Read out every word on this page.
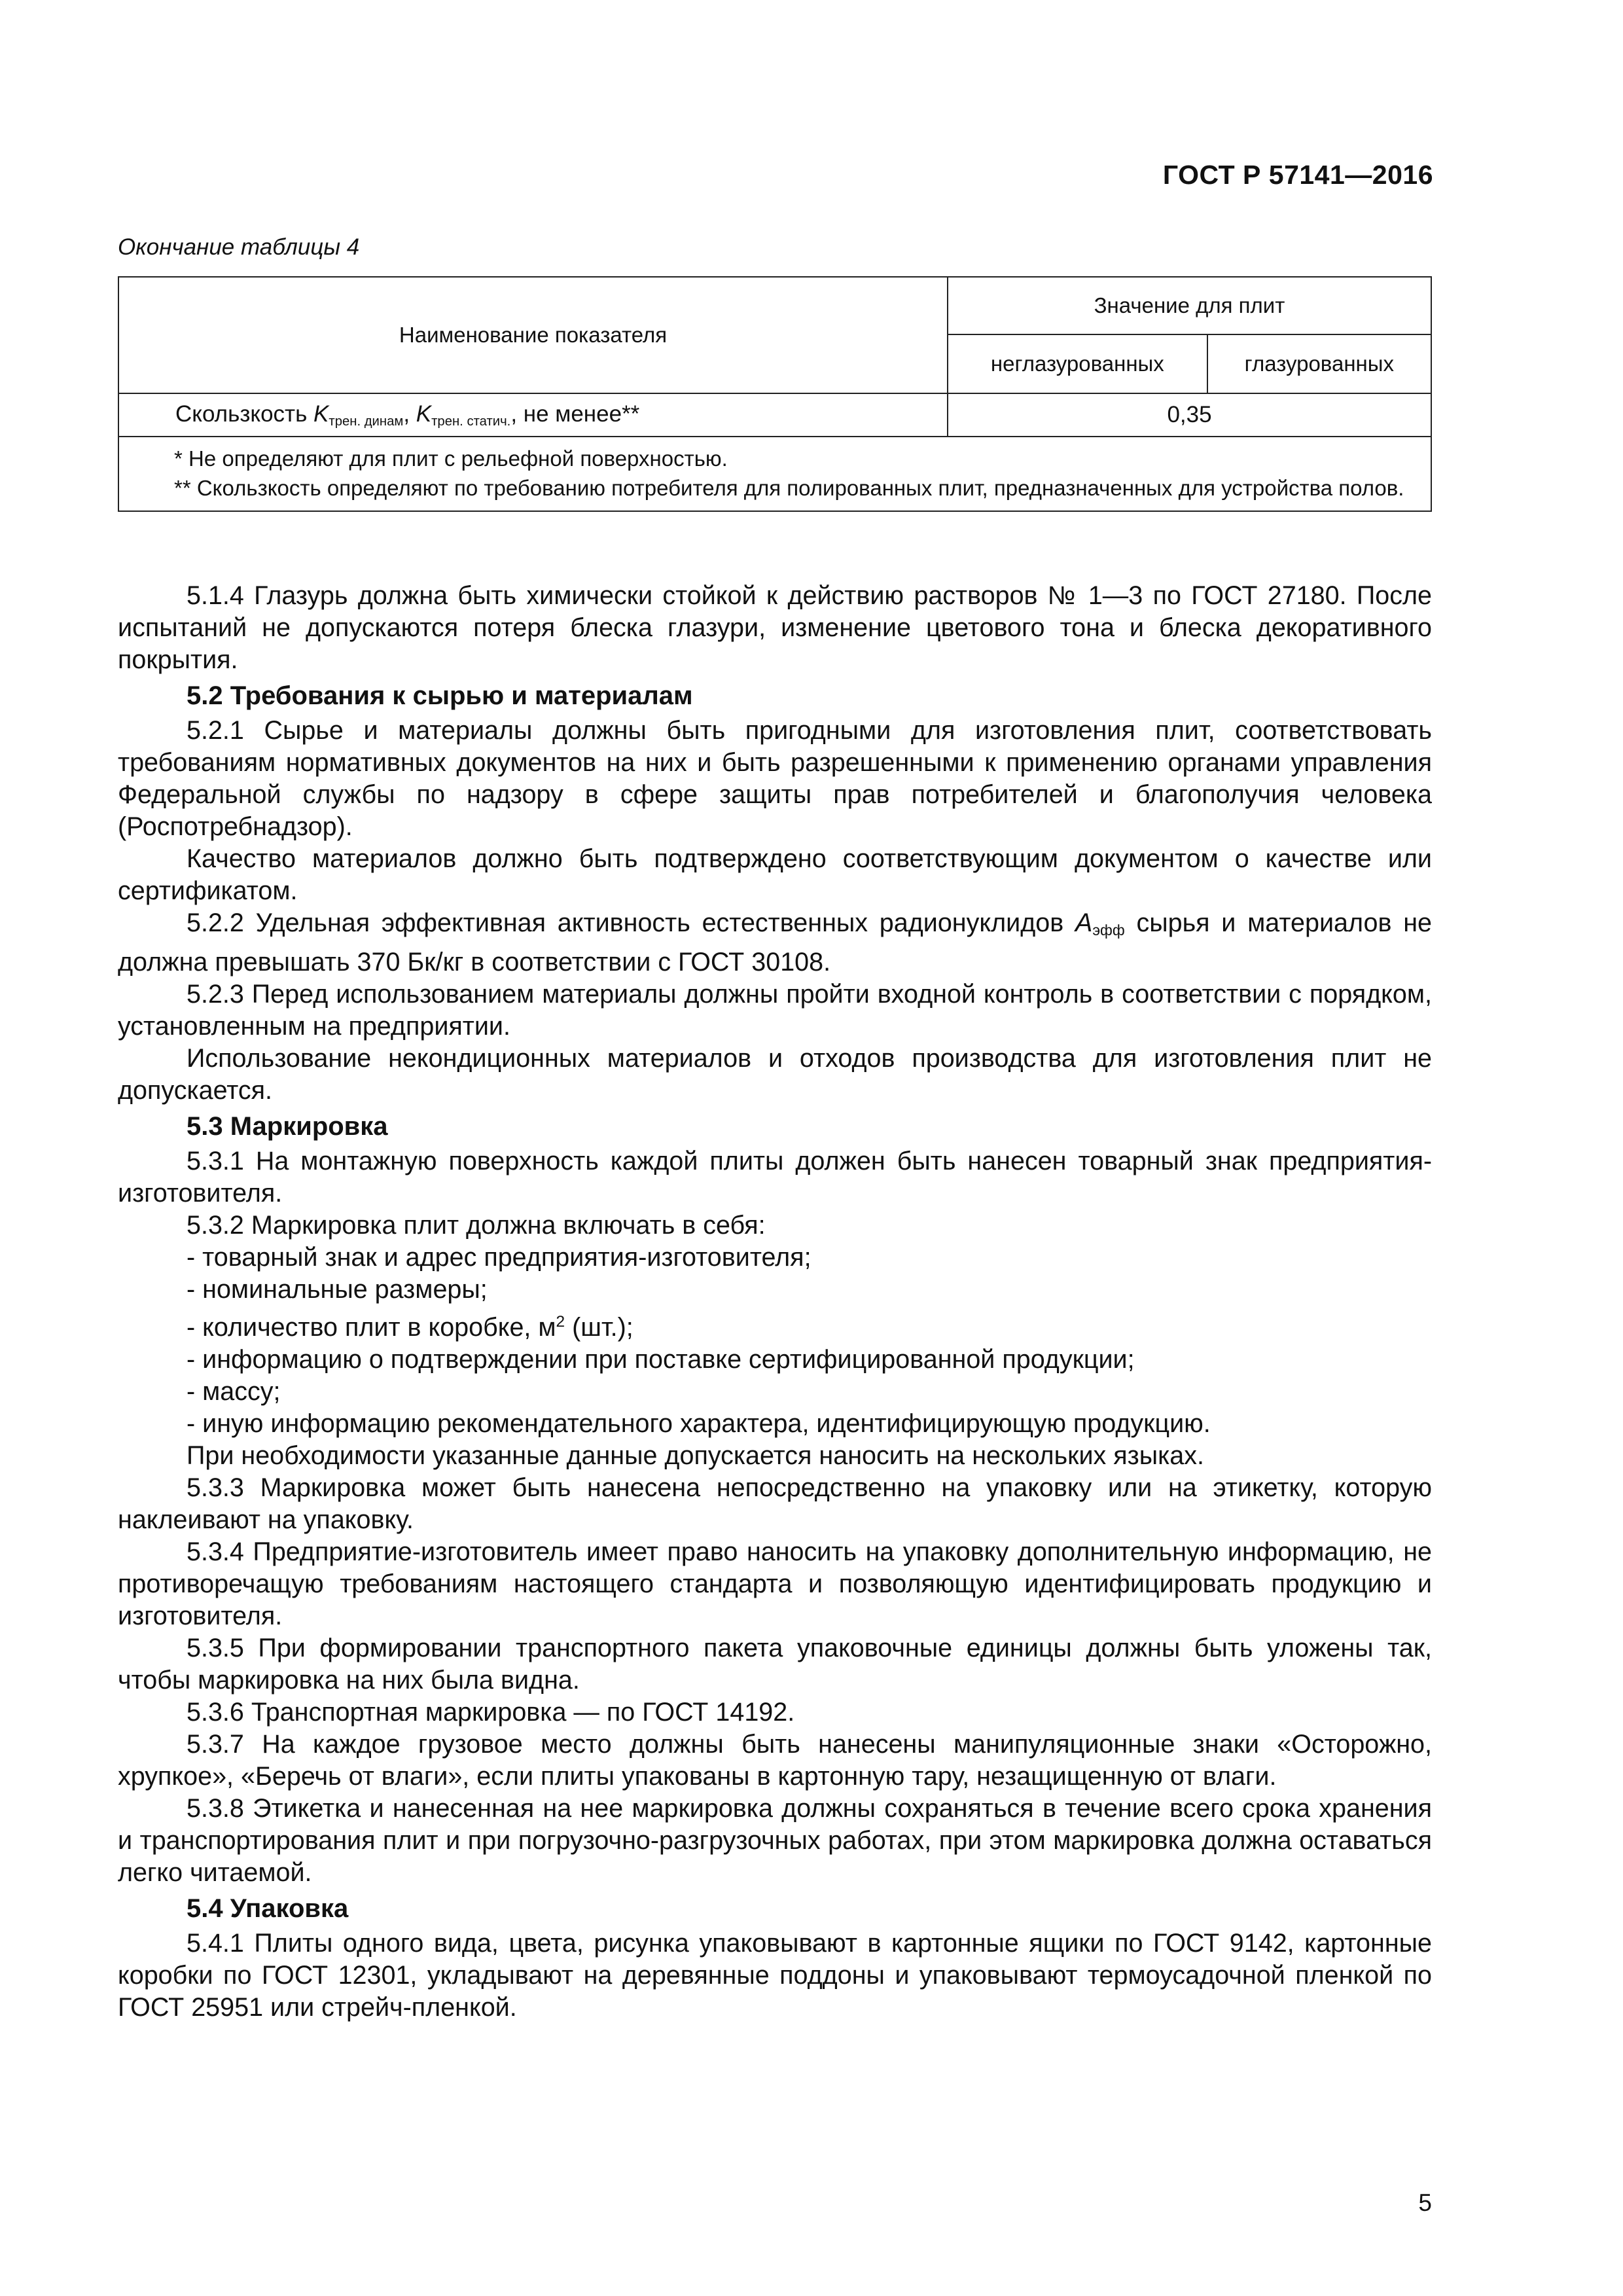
ГОСТ Р 57141—2016
Окончание таблицы 4
Наименование показателя	Значение для плит	
	неглазурованных	глазурованных
Скользкость $K_{трен. динам}$, $K_{трен. статич.}$, не менее**	0,35	

* Не определяют для плит с рельефной поверхностью.
** Скользкость определяют по требованию потребителя для полированных плит, предназначенных для устройства полов.		

5.1.4 Глазурь должна быть химически стойкой к действию растворов № 1—3 по ГОСТ 27180. После испытаний не допускаются потеря блеска глазури, изменение цветового тона и блеска декоративного покрытия.

5.2 Требования к сырью и материалам

5.2.1 Сырье и материалы должны быть пригодными для изготовления плит, соответствовать требованиям нормативных документов на них и быть разрешенными к применению органами управления Федеральной службы по надзору в сфере защиты прав потребителей и благополучия человека (Роспотребнадзор).

Качество материалов должно быть подтверждено соответствующим документом о качестве или сертификатом.

5.2.2 Удельная эффективная активность естественных радионуклидов $A_{эфф}$ сырья и материалов не должна превышать 370 Бк/кг в соответствии с ГОСТ 30108.

5.2.3 Перед использованием материалы должны пройти входной контроль в соответствии с порядком, установленным на предприятии.

Использование некондиционных материалов и отходов производства для изготовления плит не допускается.

5.3 Маркировка

5.3.1 На монтажную поверхность каждой плиты должен быть нанесен товарный знак предприятия-изготовителя.

5.3.2 Маркировка плит должна включать в себя:

- товарный знак и адрес предприятия-изготовителя;

- номинальные размеры;

- количество плит в коробке, $м^2$ (шт.);

- информацию о подтверждении при поставке сертифицированной продукции;

- массу;

- иную информацию рекомендательного характера, идентифицирующую продукцию.

При необходимости указанные данные допускается наносить на нескольких языках.

5.3.3 Маркировка может быть нанесена непосредственно на упаковку или на этикетку, которую наклеивают на упаковку.

5.3.4 Предприятие-изготовитель имеет право наносить на упаковку дополнительную информацию, не противоречащую требованиям настоящего стандарта и позволяющую идентифицировать продукцию и изготовителя.

5.3.5 При формировании транспортного пакета упаковочные единицы должны быть уложены так, чтобы маркировка на них была видна.

5.3.6 Транспортная маркировка — по ГОСТ 14192.

5.3.7 На каждое грузовое место должны быть нанесены манипуляционные знаки «Осторожно, хрупкое», «Беречь от влаги», если плиты упакованы в картонную тару, незащищенную от влаги.

5.3.8 Этикетка и нанесенная на нее маркировка должны сохраняться в течение всего срока хранения и транспортирования плит и при погрузочно-разгрузочных работах, при этом маркировка должна оставаться легко читаемой.

5.4 Упаковка

5.4.1 Плиты одного вида, цвета, рисунка упаковывают в картонные ящики по ГОСТ 9142, картонные коробки по ГОСТ 12301, укладывают на деревянные поддоны и упаковывают термоусадочной пленкой по ГОСТ 25951 или стрейч-пленкой.

5
